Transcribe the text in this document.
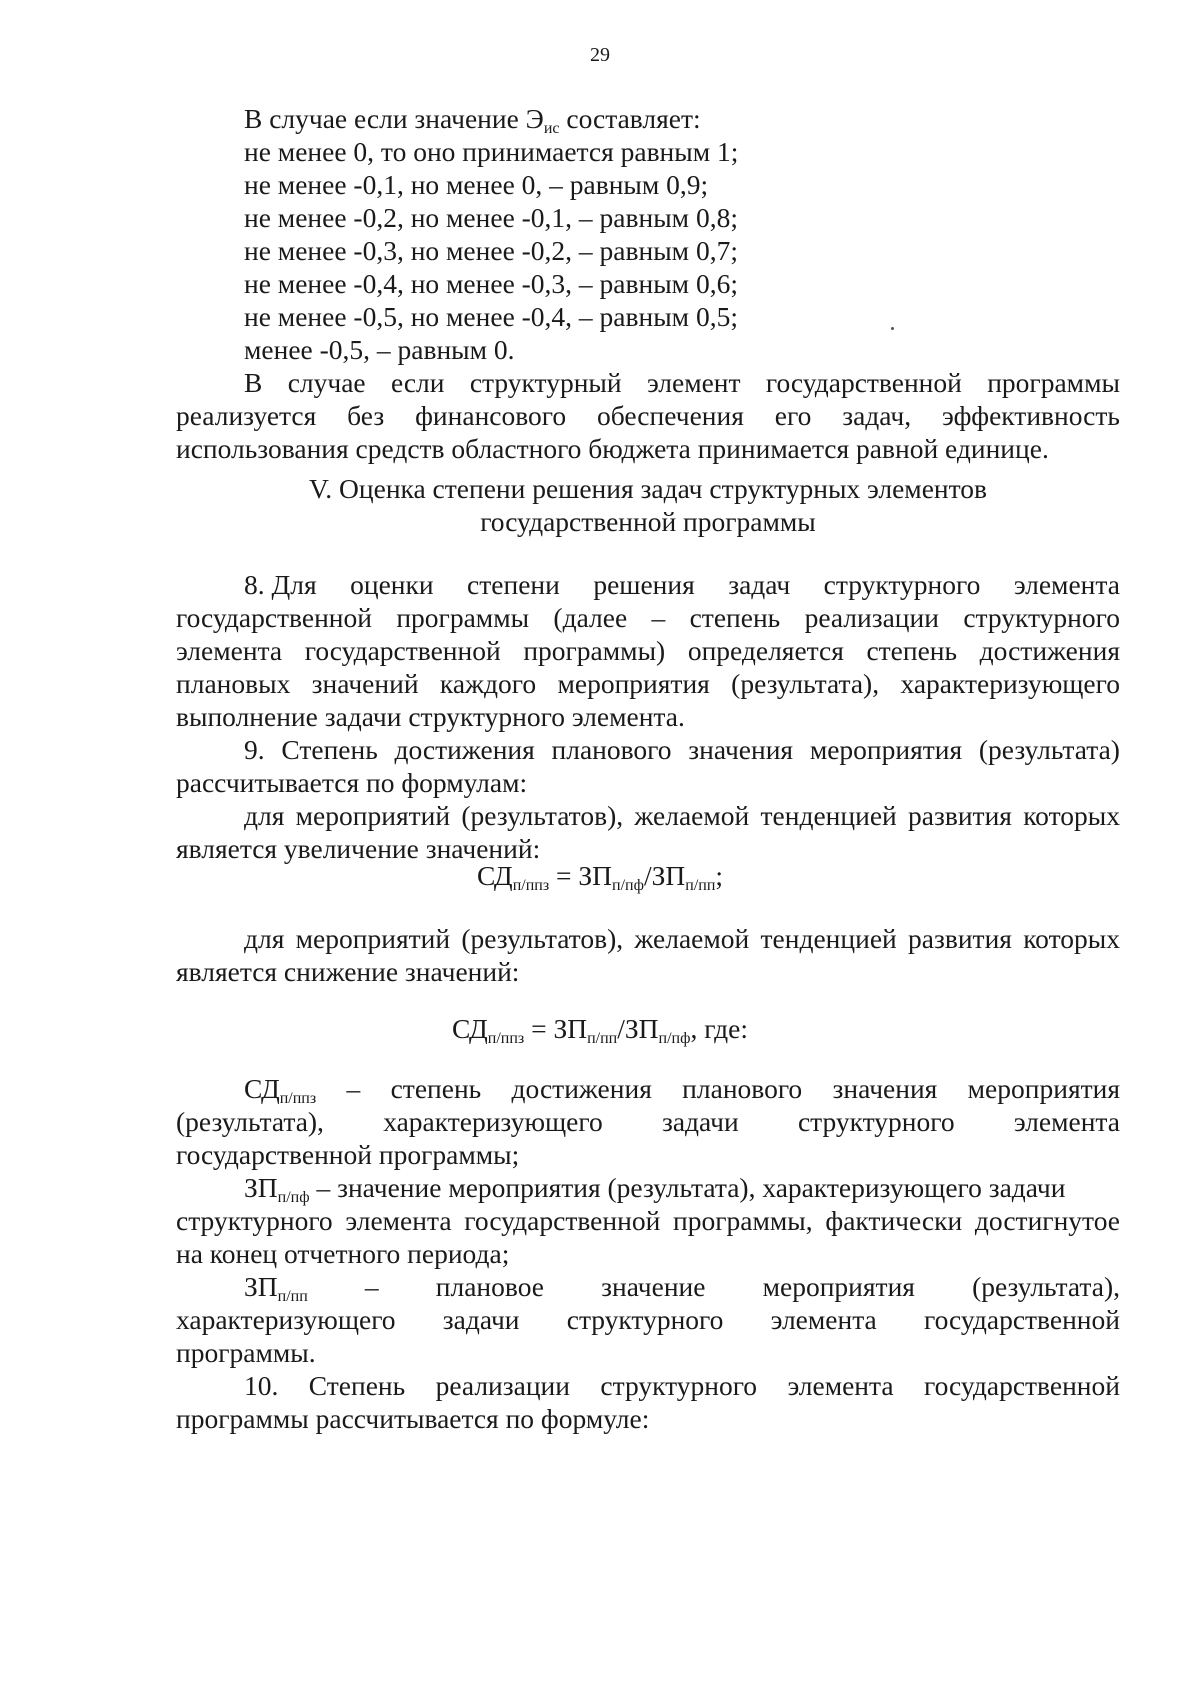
29
В случае если значение $Э_{ис}$ составляет:
не менее 0, то оно принимается равным 1;
не менее -0,1, но менее 0, – равным 0,9;
не менее -0,2, но менее -0,1, – равным 0,8;
не менее -0,3, но менее -0,2, – равным 0,7;
не менее -0,4, но менее -0,3, – равным 0,6;
не менее -0,5, но менее -0,4, – равным 0,5;
менее -0,5, – равным 0.
В случае если структурный элемент государственной программы
реализуется без финансового обеспечения его задач, эффективность
использования средств областного бюджета принимается равной единице.
V. Оценка степени решения задач структурных элементов
государственной программы
8. Для оценки степени решения задач структурного элемента
государственной программы (далее – степень реализации структурного
элемента государственной программы) определяется степень достижения
плановых значений каждого мероприятия (результата), характеризующего
выполнение задачи структурного элемента.
9. Степень достижения планового значения мероприятия (результата)
рассчитывается по формулам:
для мероприятий (результатов), желаемой тенденцией развития которых
является увеличение значений:
$СД_{п/ппз} = ЗП_{п/пф}/ЗП_{п/пп}$;
для мероприятий (результатов), желаемой тенденцией развития которых
является снижение значений:
$СД_{п/ппз} = ЗП_{п/пп}/ЗП_{п/пф}$, где:
$СД_{п/ппз}$ – степень достижения планового значения мероприятия
(результата), характеризующего задачи структурного элемента
государственной программы;
$ЗП_{п/пф}$ – значение мероприятия (результата), характеризующего задачи
структурного элемента государственной программы, фактически достигнутое
на конец отчетного периода;
$ЗП_{п/пп}$ – плановое значение мероприятия (результата),
характеризующего задачи структурного элемента государственной
программы.
10. Степень реализации структурного элемента государственной
программы рассчитывается по формуле:
